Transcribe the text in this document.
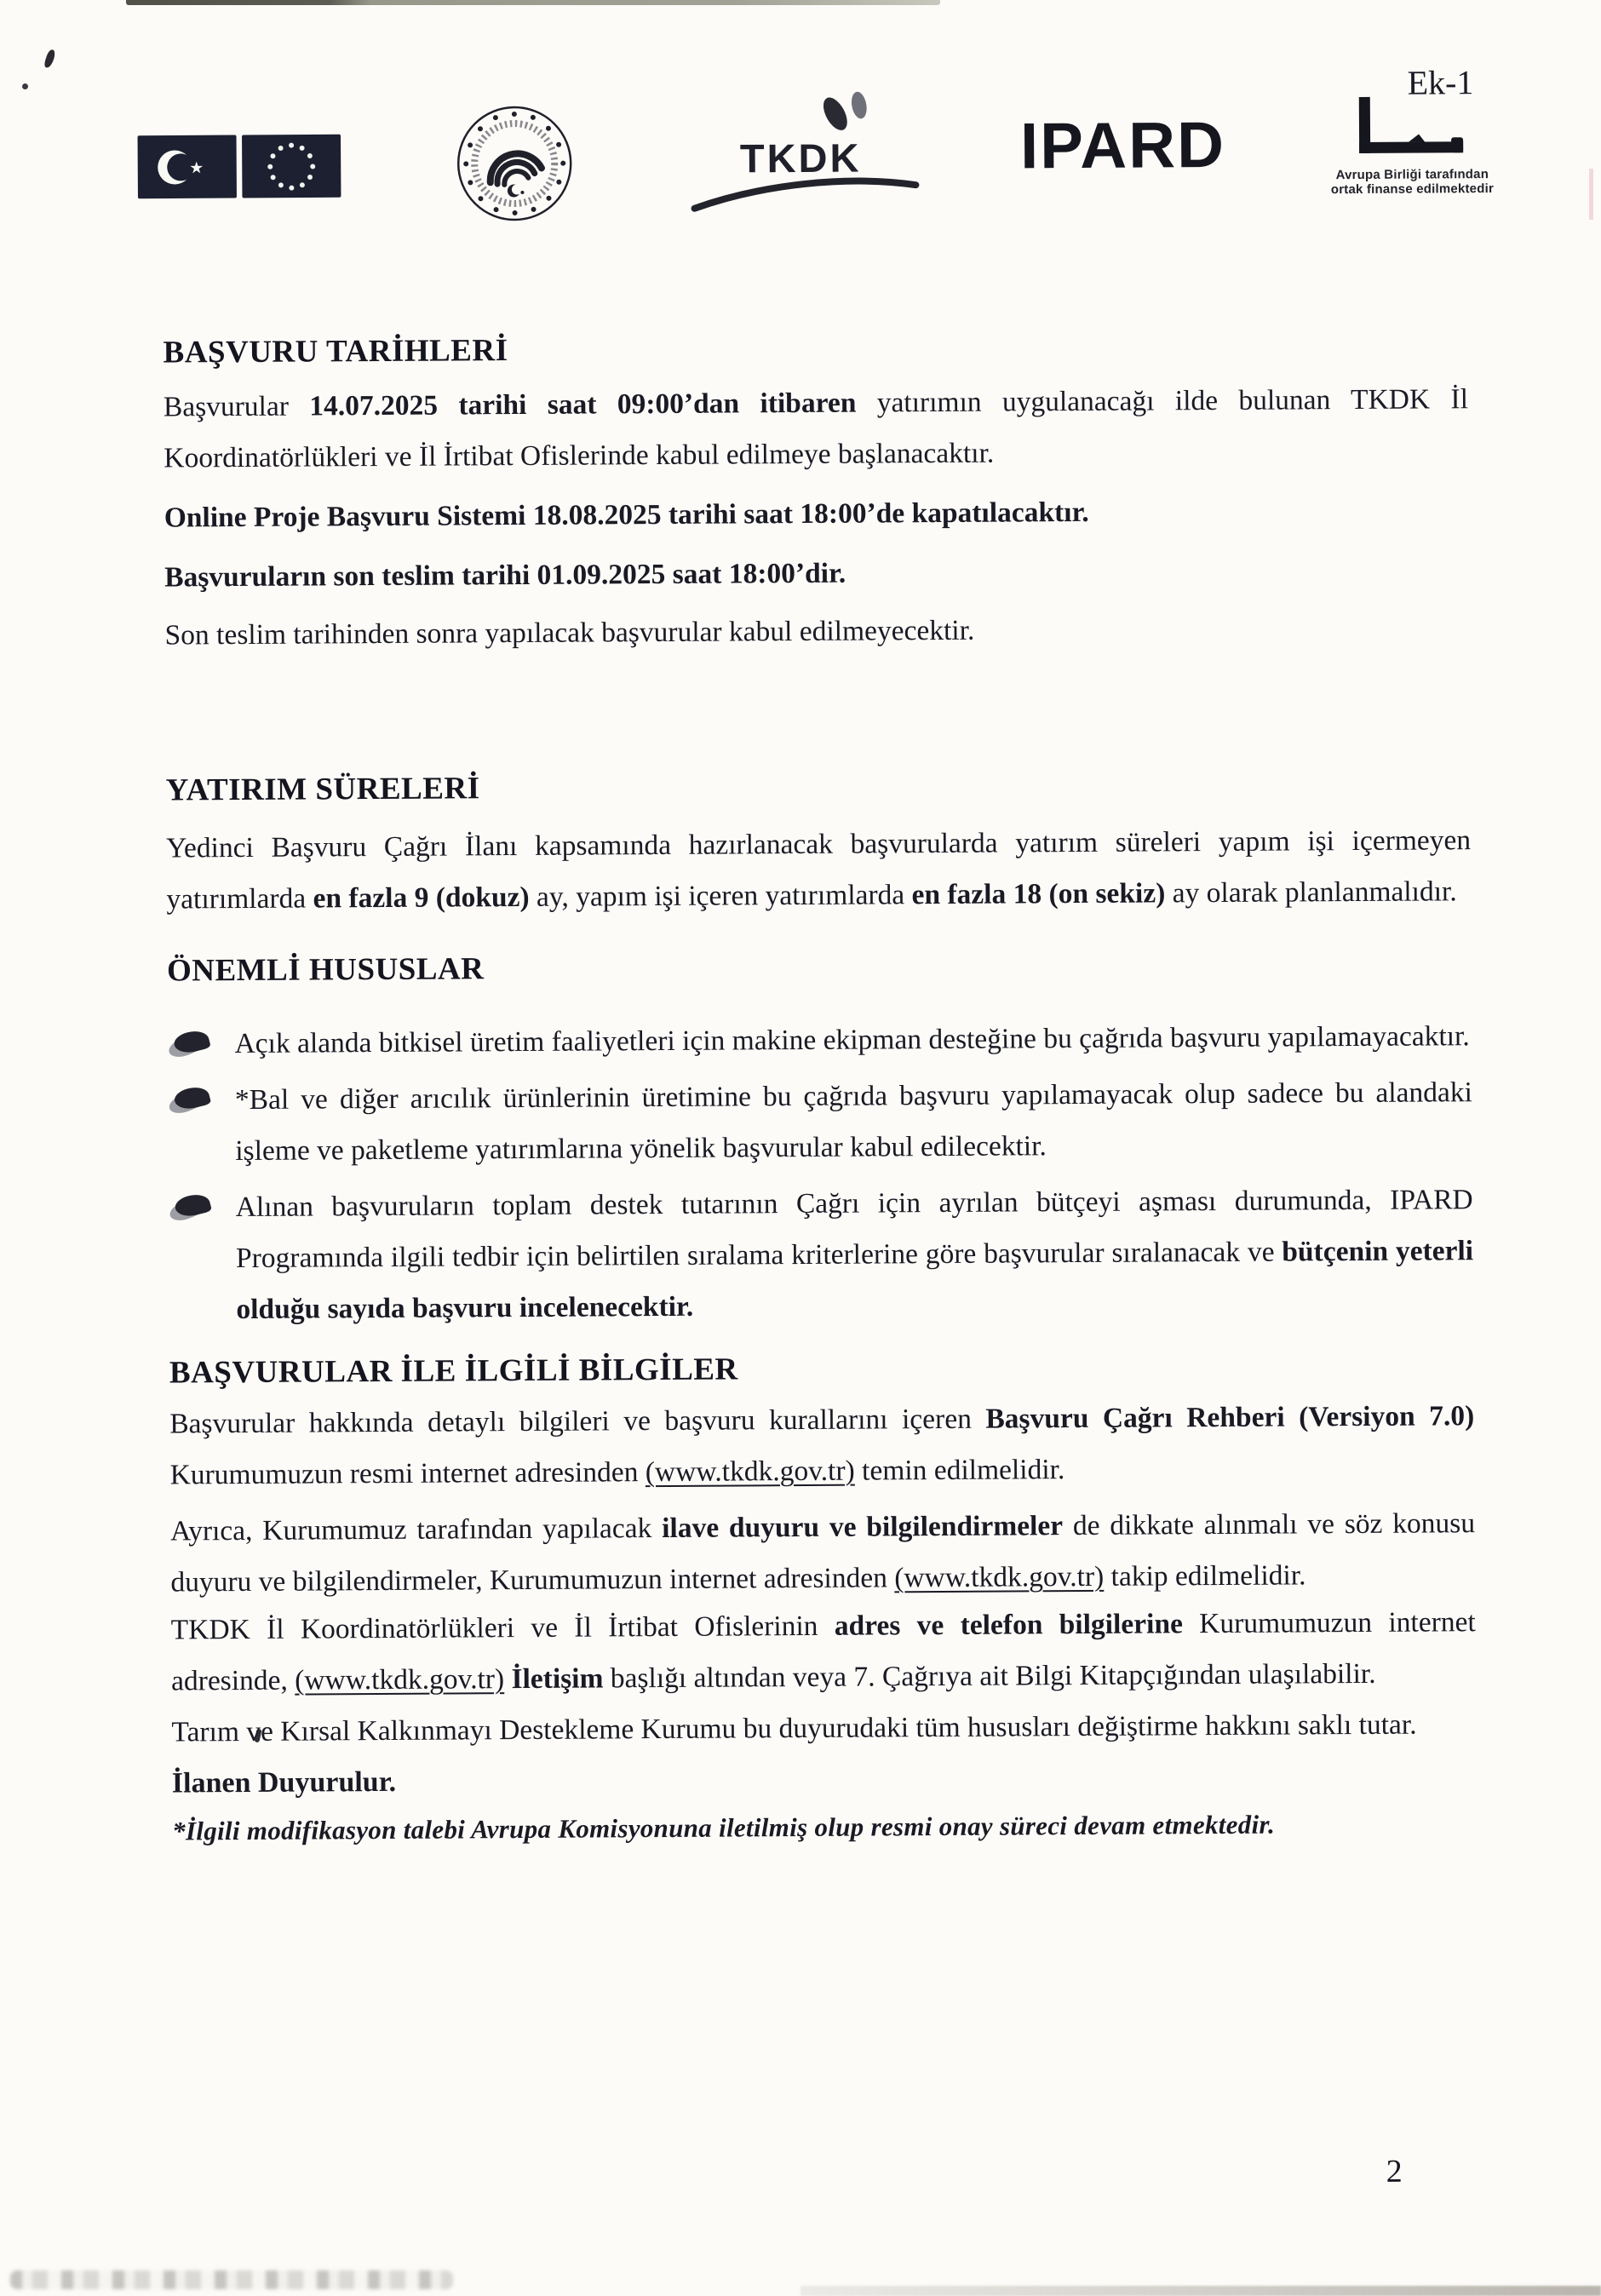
Ek-1
★	TKDK	IPARD	Avrupa Birliği tarafından
ortak finanse edilmektedir
BAŞVURU TARİHLERİ

Başvurular 14.07.2025 tarihi saat 09:00’dan itibaren yatırımın uygulanacağı ilde bulunan TKDK İl Koordinatörlükleri ve İl İrtibat Ofislerinde kabul edilmeye başlanacaktır.

Online Proje Başvuru Sistemi 18.08.2025 tarihi saat 18:00’de kapatılacaktır.

Başvuruların son teslim tarihi 01.09.2025 saat 18:00’dir.

Son teslim tarihinden sonra yapılacak başvurular kabul edilmeyecektir.

YATIRIM SÜRELERİ

Yedinci Başvuru Çağrı İlanı kapsamında hazırlanacak başvurularda yatırım süreleri yapım işi içermeyen yatırımlarda en fazla 9 (dokuz) ay, yapım işi içeren yatırımlarda en fazla 18 (on sekiz) ay olarak planlanmalıdır.

ÖNEMLİ HUSUSLAR
Açık alanda bitkisel üretim faaliyetleri için makine ekipman desteğine bu çağrıda başvuru yapılamayacaktır.
*Bal ve diğer arıcılık ürünlerinin üretimine bu çağrıda başvuru yapılamayacak olup sadece bu alandaki işleme ve paketleme yatırımlarına yönelik başvurular kabul edilecektir.
Alınan başvuruların toplam destek tutarının Çağrı için ayrılan bütçeyi aşması durumunda, IPARD Programında ilgili tedbir için belirtilen sıralama kriterlerine göre başvurular sıralanacak ve bütçenin yeterli olduğu sayıda başvuru incelenecektir.
BAŞVURULAR İLE İLGİLİ BİLGİLER

Başvurular hakkında detaylı bilgileri ve başvuru kurallarını içeren Başvuru Çağrı Rehberi (Versiyon 7.0) Kurumumuzun resmi internet adresinden (www.tkdk.gov.tr) temin edilmelidir.

Ayrıca, Kurumumuz tarafından yapılacak ilave duyuru ve bilgilendirmeler de dikkate alınmalı ve söz konusu duyuru ve bilgilendirmeler, Kurumumuzun internet adresinden (www.tkdk.gov.tr) takip edilmelidir.

TKDK İl Koordinatörlükleri ve İl İrtibat Ofislerinin adres ve telefon bilgilerine Kurumumuzun internet adresinde, (www.tkdk.gov.tr) İletişim başlığı altından veya 7. Çağrıya ait Bilgi Kitapçığından ulaşılabilir.

Tarım ve Kırsal Kalkınmayı Destekleme Kurumu bu duyurudaki tüm hususları değiştirme hakkını saklı tutar.

İlanen Duyurulur.

*İlgili modifikasyon talebi Avrupa Komisyonuna iletilmiş olup resmi onay süreci devam etmektedir.

2
